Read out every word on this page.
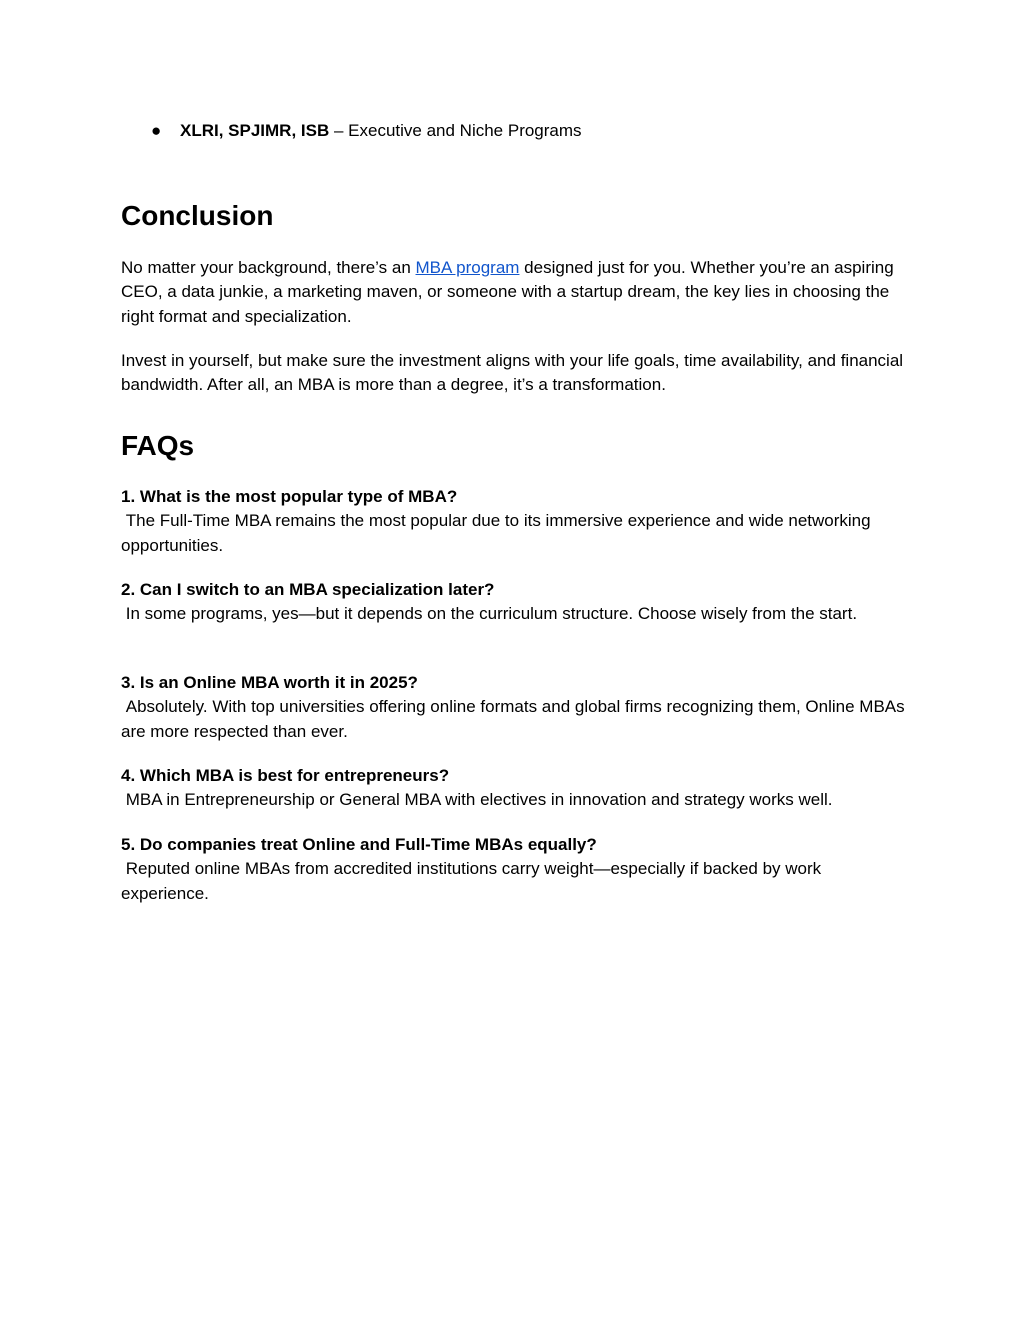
● XLRI, SPJIMR, ISB – Executive and Niche Programs
Conclusion

No matter your background, there’s an MBA program designed just for you. Whether you’re an aspiring CEO, a data junkie, a marketing maven, or someone with a startup dream, the key lies in choosing the right format and specialization.

Invest in yourself, but make sure the investment aligns with your life goals, time availability, and financial bandwidth. After all, an MBA is more than a degree, it’s a transformation.

FAQs
1. What is the most popular type of MBA?
The Full-Time MBA remains the most popular due to its immersive experience and wide networking opportunities.
2. Can I switch to an MBA specialization later?
In some programs, yes—but it depends on the curriculum structure. Choose wisely from the start.
3. Is an Online MBA worth it in 2025?
Absolutely. With top universities offering online formats and global firms recognizing them, Online MBAs are more respected than ever.
4. Which MBA is best for entrepreneurs?
MBA in Entrepreneurship or General MBA with electives in innovation and strategy works well.
5. Do companies treat Online and Full-Time MBAs equally?
Reputed online MBAs from accredited institutions carry weight—especially if backed by work experience.
